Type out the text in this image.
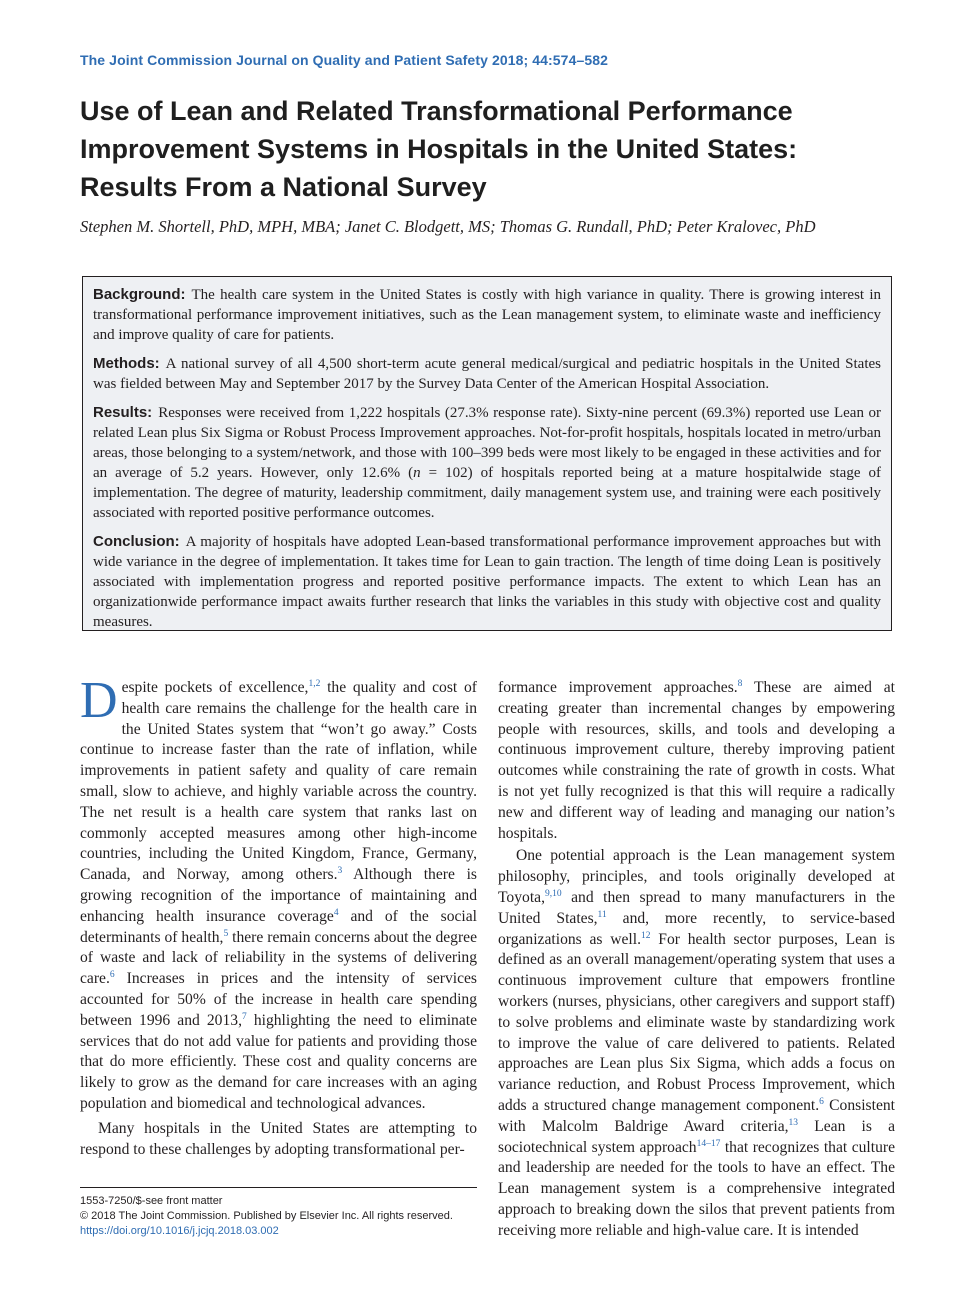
The Joint Commission Journal on Quality and Patient Safety 2018; 44:574–582
Use of Lean and Related Transformational Performance Improvement Systems in Hospitals in the United States: Results From a National Survey
Stephen M. Shortell, PhD, MPH, MBA; Janet C. Blodgett, MS; Thomas G. Rundall, PhD; Peter Kralovec, PhD

Background: The health care system in the United States is costly with high variance in quality. There is growing interest in transformational performance improvement initiatives, such as the Lean management system, to eliminate waste and inefficiency and improve quality of care for patients.

Methods: A national survey of all 4,500 short-term acute general medical/surgical and pediatric hospitals in the United States was fielded between May and September 2017 by the Survey Data Center of the American Hospital Association.

Results: Responses were received from 1,222 hospitals (27.3% response rate). Sixty-nine percent (69.3%) reported use Lean or related Lean plus Six Sigma or Robust Process Improvement approaches. Not-for-profit hospitals, hospitals located in metro/urban areas, those belonging to a system/network, and those with 100–399 beds were most likely to be engaged in these activities and for an average of 5.2 years. However, only 12.6% (n = 102) of hospitals reported being at a mature hospitalwide stage of implementation. The degree of maturity, leadership commitment, daily management system use, and training were each positively associated with reported positive performance outcomes.

Conclusion: A majority of hospitals have adopted Lean-based transformational performance improvement approaches but with wide variance in the degree of implementation. It takes time for Lean to gain traction. The length of time doing Lean is positively associated with implementation progress and reported positive performance impacts. The extent to which Lean has an organizationwide performance impact awaits further research that links the variables in this study with objective cost and quality measures.

Despite pockets of excellence,$^{1,2}$ the quality and cost of health care remains the challenge for the health care in the United States system that “won’t go away.” Costs continue to increase faster than the rate of inflation, while improvements in patient safety and quality of care remain small, slow to achieve, and highly variable across the country. The net result is a health care system that ranks last on commonly accepted measures among other high-income countries, including the United Kingdom, France, Germany, Canada, and Norway, among others.$^3$ Although there is growing recognition of the importance of maintaining and enhancing health insurance coverage$^4$ and of the social determinants of health,$^5$ there remain concerns about the degree of waste and lack of reliability in the systems of delivering care.$^6$ Increases in prices and the intensity of services accounted for 50% of the increase in health care spending between 1996 and 2013,$^7$ highlighting the need to eliminate services that do not add value for patients and providing those that do more efficiently. These cost and quality concerns are likely to grow as the demand for care increases with an aging population and biomedical and technological advances.

Many hospitals in the United States are attempting to respond to these challenges by adopting transformational per-

formance improvement approaches.$^8$ These are aimed at creating greater than incremental changes by empowering people with resources, skills, and tools and developing a continuous improvement culture, thereby improving patient outcomes while constraining the rate of growth in costs. What is not yet fully recognized is that this will require a radically new and different way of leading and managing our nation’s hospitals.

One potential approach is the Lean management system philosophy, principles, and tools originally developed at Toyota,$^{9,10}$ and then spread to many manufacturers in the United States,$^{11}$ and, more recently, to service-based organizations as well.$^{12}$ For health sector purposes, Lean is defined as an overall management/operating system that uses a continuous improvement culture that empowers frontline workers (nurses, physicians, other caregivers and support staff) to solve problems and eliminate waste by standardizing work to improve the value of care delivered to patients. Related approaches are Lean plus Six Sigma, which adds a focus on variance reduction, and Robust Process Improvement, which adds a structured change management component.$^6$ Consistent with Malcolm Baldrige Award criteria,$^{13}$ Lean is a sociotechnical system approach$^{14-17}$ that recognizes that culture and leadership are needed for the tools to have an effect. The Lean management system is a comprehensive integrated approach to breaking down the silos that prevent patients from receiving more reliable and high-value care. It is intended

1553-7250/$-see front matter
© 2018 The Joint Commission. Published by Elsevier Inc. All rights reserved.
https://doi.org/10.1016/j.jcjq.2018.03.002
